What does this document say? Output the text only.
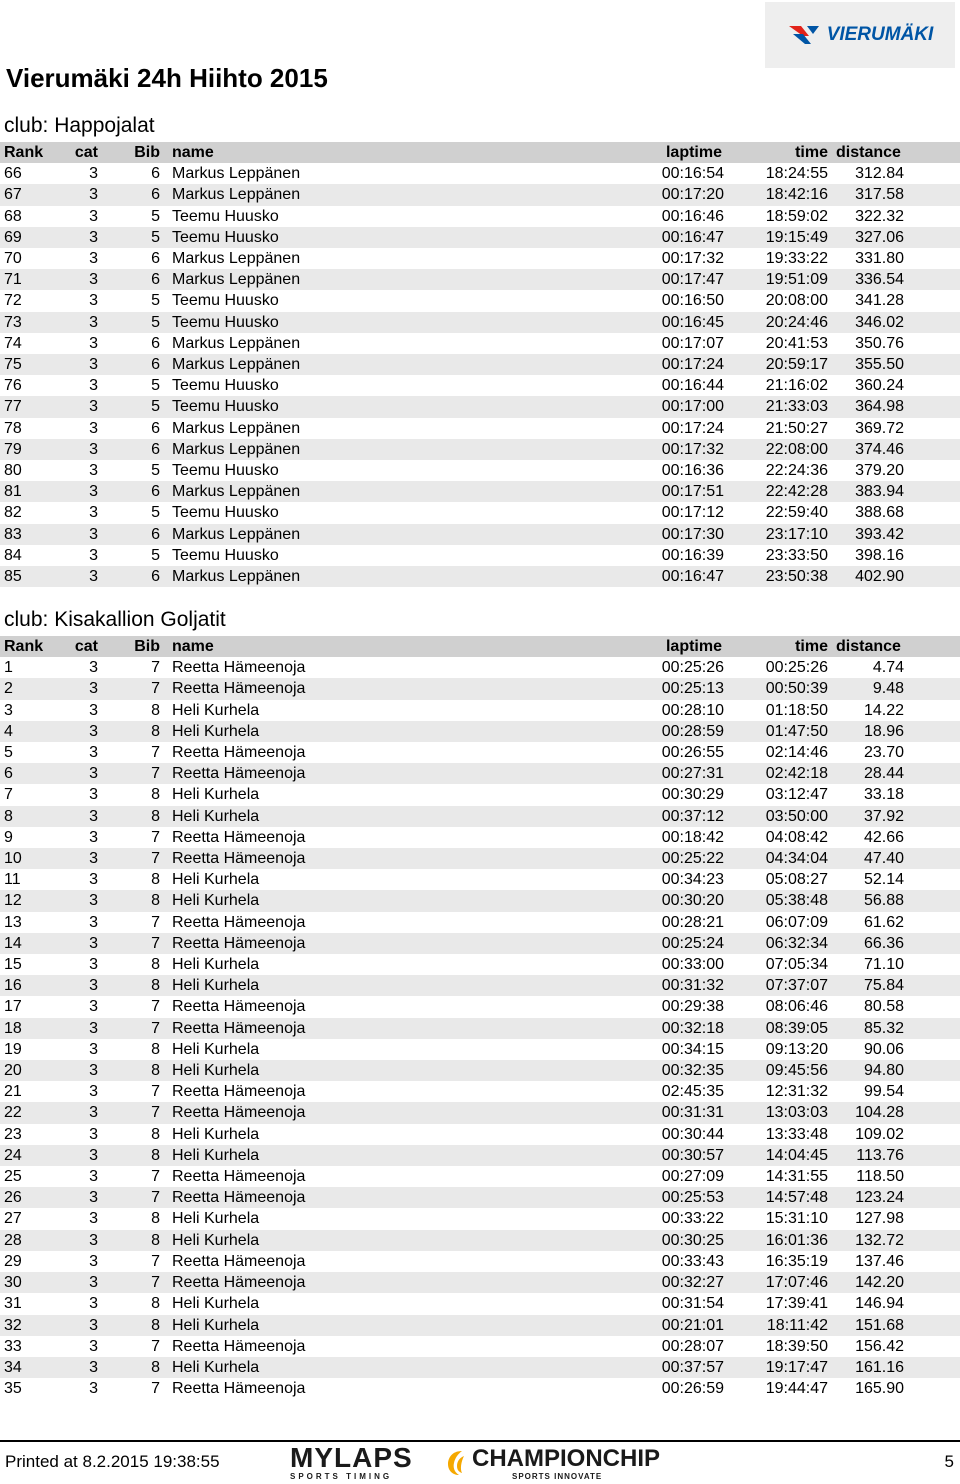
VIERUMÄKI
Vierumäki 24h Hiihto 2015
club: Happojalat
Rank	cat	Bib	name	laptime	time	distance
66	3	6	Markus Leppänen	00:16:54	18:24:55	312.84
67	3	6	Markus Leppänen	00:17:20	18:42:16	317.58
68	3	5	Teemu Huusko	00:16:46	18:59:02	322.32
69	3	5	Teemu Huusko	00:16:47	19:15:49	327.06
70	3	6	Markus Leppänen	00:17:32	19:33:22	331.80
71	3	6	Markus Leppänen	00:17:47	19:51:09	336.54
72	3	5	Teemu Huusko	00:16:50	20:08:00	341.28
73	3	5	Teemu Huusko	00:16:45	20:24:46	346.02
74	3	6	Markus Leppänen	00:17:07	20:41:53	350.76
75	3	6	Markus Leppänen	00:17:24	20:59:17	355.50
76	3	5	Teemu Huusko	00:16:44	21:16:02	360.24
77	3	5	Teemu Huusko	00:17:00	21:33:03	364.98
78	3	6	Markus Leppänen	00:17:24	21:50:27	369.72
79	3	6	Markus Leppänen	00:17:32	22:08:00	374.46
80	3	5	Teemu Huusko	00:16:36	22:24:36	379.20
81	3	6	Markus Leppänen	00:17:51	22:42:28	383.94
82	3	5	Teemu Huusko	00:17:12	22:59:40	388.68
83	3	6	Markus Leppänen	00:17:30	23:17:10	393.42
84	3	5	Teemu Huusko	00:16:39	23:33:50	398.16
85	3	6	Markus Leppänen	00:16:47	23:50:38	402.90
club: Kisakallion Goljatit
Rank	cat	Bib	name	laptime	time	distance
1	3	7	Reetta Hämeenoja	00:25:26	00:25:26	4.74
2	3	7	Reetta Hämeenoja	00:25:13	00:50:39	9.48
3	3	8	Heli Kurhela	00:28:10	01:18:50	14.22
4	3	8	Heli Kurhela	00:28:59	01:47:50	18.96
5	3	7	Reetta Hämeenoja	00:26:55	02:14:46	23.70
6	3	7	Reetta Hämeenoja	00:27:31	02:42:18	28.44
7	3	8	Heli Kurhela	00:30:29	03:12:47	33.18
8	3	8	Heli Kurhela	00:37:12	03:50:00	37.92
9	3	7	Reetta Hämeenoja	00:18:42	04:08:42	42.66
10	3	7	Reetta Hämeenoja	00:25:22	04:34:04	47.40
11	3	8	Heli Kurhela	00:34:23	05:08:27	52.14
12	3	8	Heli Kurhela	00:30:20	05:38:48	56.88
13	3	7	Reetta Hämeenoja	00:28:21	06:07:09	61.62
14	3	7	Reetta Hämeenoja	00:25:24	06:32:34	66.36
15	3	8	Heli Kurhela	00:33:00	07:05:34	71.10
16	3	8	Heli Kurhela	00:31:32	07:37:07	75.84
17	3	7	Reetta Hämeenoja	00:29:38	08:06:46	80.58
18	3	7	Reetta Hämeenoja	00:32:18	08:39:05	85.32
19	3	8	Heli Kurhela	00:34:15	09:13:20	90.06
20	3	8	Heli Kurhela	00:32:35	09:45:56	94.80
21	3	7	Reetta Hämeenoja	02:45:35	12:31:32	99.54
22	3	7	Reetta Hämeenoja	00:31:31	13:03:03	104.28
23	3	8	Heli Kurhela	00:30:44	13:33:48	109.02
24	3	8	Heli Kurhela	00:30:57	14:04:45	113.76
25	3	7	Reetta Hämeenoja	00:27:09	14:31:55	118.50
26	3	7	Reetta Hämeenoja	00:25:53	14:57:48	123.24
27	3	8	Heli Kurhela	00:33:22	15:31:10	127.98
28	3	8	Heli Kurhela	00:30:25	16:01:36	132.72
29	3	7	Reetta Hämeenoja	00:33:43	16:35:19	137.46
30	3	7	Reetta Hämeenoja	00:32:27	17:07:46	142.20
31	3	8	Heli Kurhela	00:31:54	17:39:41	146.94
32	3	8	Heli Kurhela	00:21:01	18:11:42	151.68
33	3	7	Reetta Hämeenoja	00:28:07	18:39:50	156.42
34	3	8	Heli Kurhela	00:37:57	19:17:47	161.16
35	3	7	Reetta Hämeenoja	00:26:59	19:44:47	165.90
Printed at 8.2.2015 19:38:55	MYLAPS
SPORTS TIMING
CHAMPIONCHIP
SPORTS INNOVATE
5
